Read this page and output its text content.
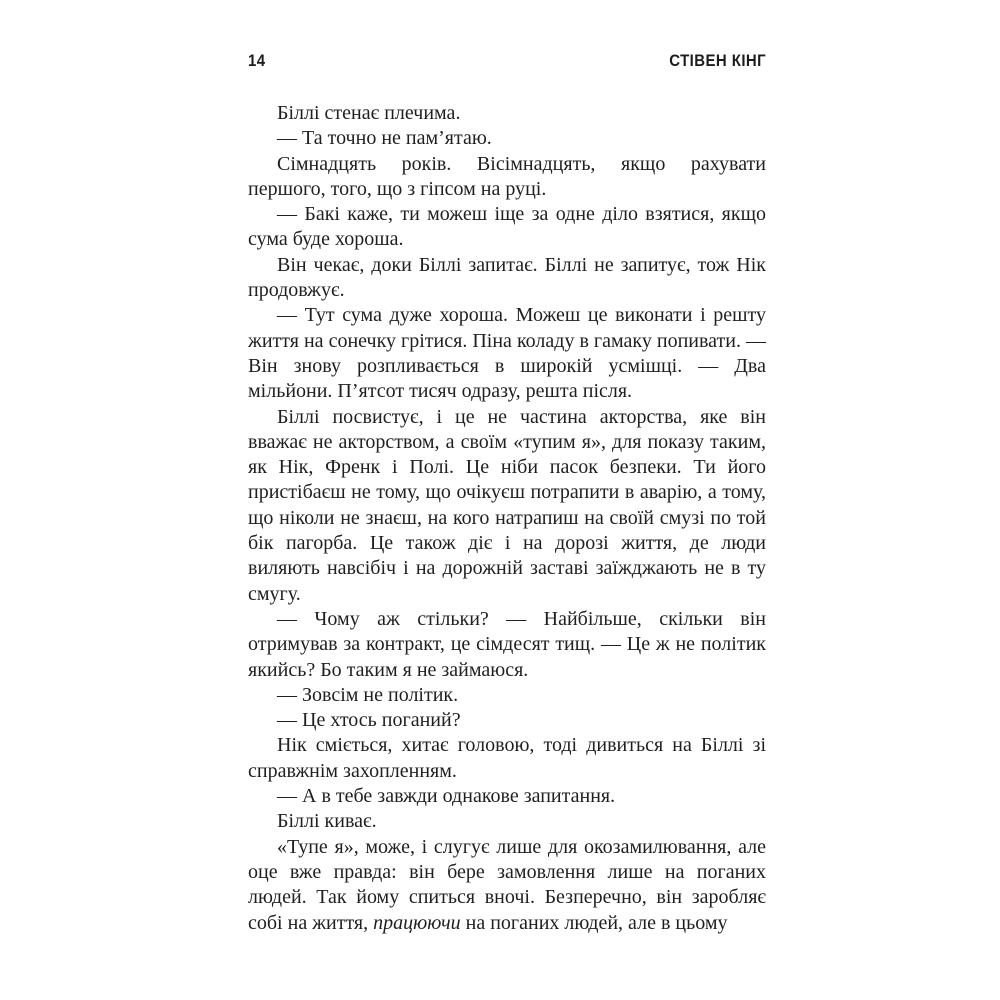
14	СТІВЕН КІНГ

Біллі стенає плечима.

— Та точно не пам’ятаю.

Сімнадцять років. Вісімнадцять, якщо рахувати першого, того, що з гіпсом на руці.

— Бакі каже, ти можеш іще за одне діло взятися, якщо сума буде хороша.

Він чекає, доки Біллі запитає. Біллі не запитує, тож Нік продовжує.

— Тут сума дуже хороша. Можеш це виконати і решту життя на сонечку грітися. Піна коладу в гамаку попивати. — Він знову розпливається в широкій усмішці. — Два мільйони. П’ятсот тисяч одразу, решта після.

Біллі посвистує, і це не частина акторства, яке він вважає не акторством, а своїм «тупим я», для показу таким, як Нік, Френк і Полі. Це ніби пасок безпеки. Ти його пристібаєш не тому, що очікуєш потрапити в аварію, а тому, що ніколи не знаєш, на кого натрапиш на своїй смузі по той бік пагорба. Це також діє і на дорозі життя, де люди виляють навсібіч і на дорожній заставі заїжджають не в ту смугу.

— Чому аж стільки? — Найбільше, скільки він отримував за контракт, це сімдесят тищ. — Це ж не політик якийсь? Бо таким я не займаюся.

— Зовсім не політик.

— Це хтось поганий?

Нік сміється, хитає головою, тоді дивиться на Біллі зі справжнім захопленням.

— А в тебе завжди однакове запитання.

Біллі киває.

«Тупе я», може, і слугує лише для окозамилювання, але оце вже правда: він бере замовлення лише на поганих людей. Так йому спиться вночі. Безперечно, він заробляє собі на життя, працюючи на поганих людей, але в цьому
